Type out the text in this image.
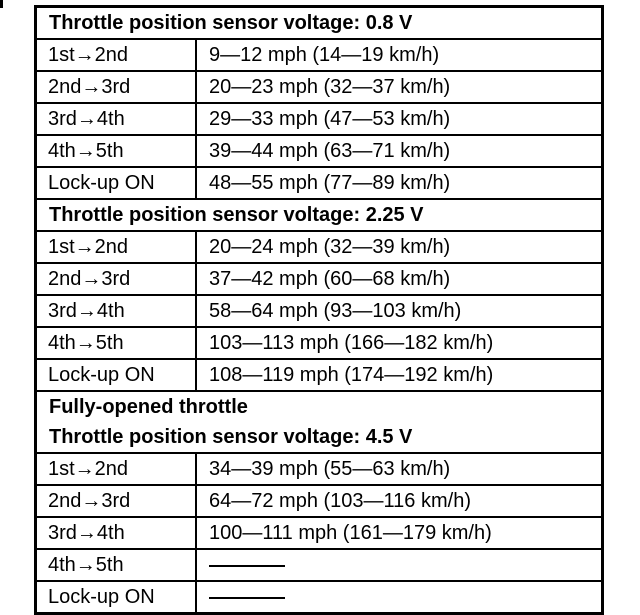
Throttle position sensor voltage: 0.8 V
1st→2nd	9—12 mph (14—19 km/h)
2nd→3rd	20—23 mph (32—37 km/h)
3rd→4th	29—33 mph (47—53 km/h)
4th→5th	39—44 mph (63—71 km/h)
Lock-up ON	48—55 mph (77—89 km/h)
Throttle position sensor voltage: 2.25 V
1st→2nd	20—24 mph (32—39 km/h)
2nd→3rd	37—42 mph (60—68 km/h)
3rd→4th	58—64 mph (93—103 km/h)
4th→5th	103—113 mph (166—182 km/h)
Lock-up ON	108—119 mph (174—192 km/h)
Fully-opened throttle
Throttle position sensor voltage: 4.5 V
1st→2nd	34—39 mph (55—63 km/h)
2nd→3rd	64—72 mph (103—116 km/h)
3rd→4th	100—111 mph (161—179 km/h)
4th→5th
Lock-up ON
